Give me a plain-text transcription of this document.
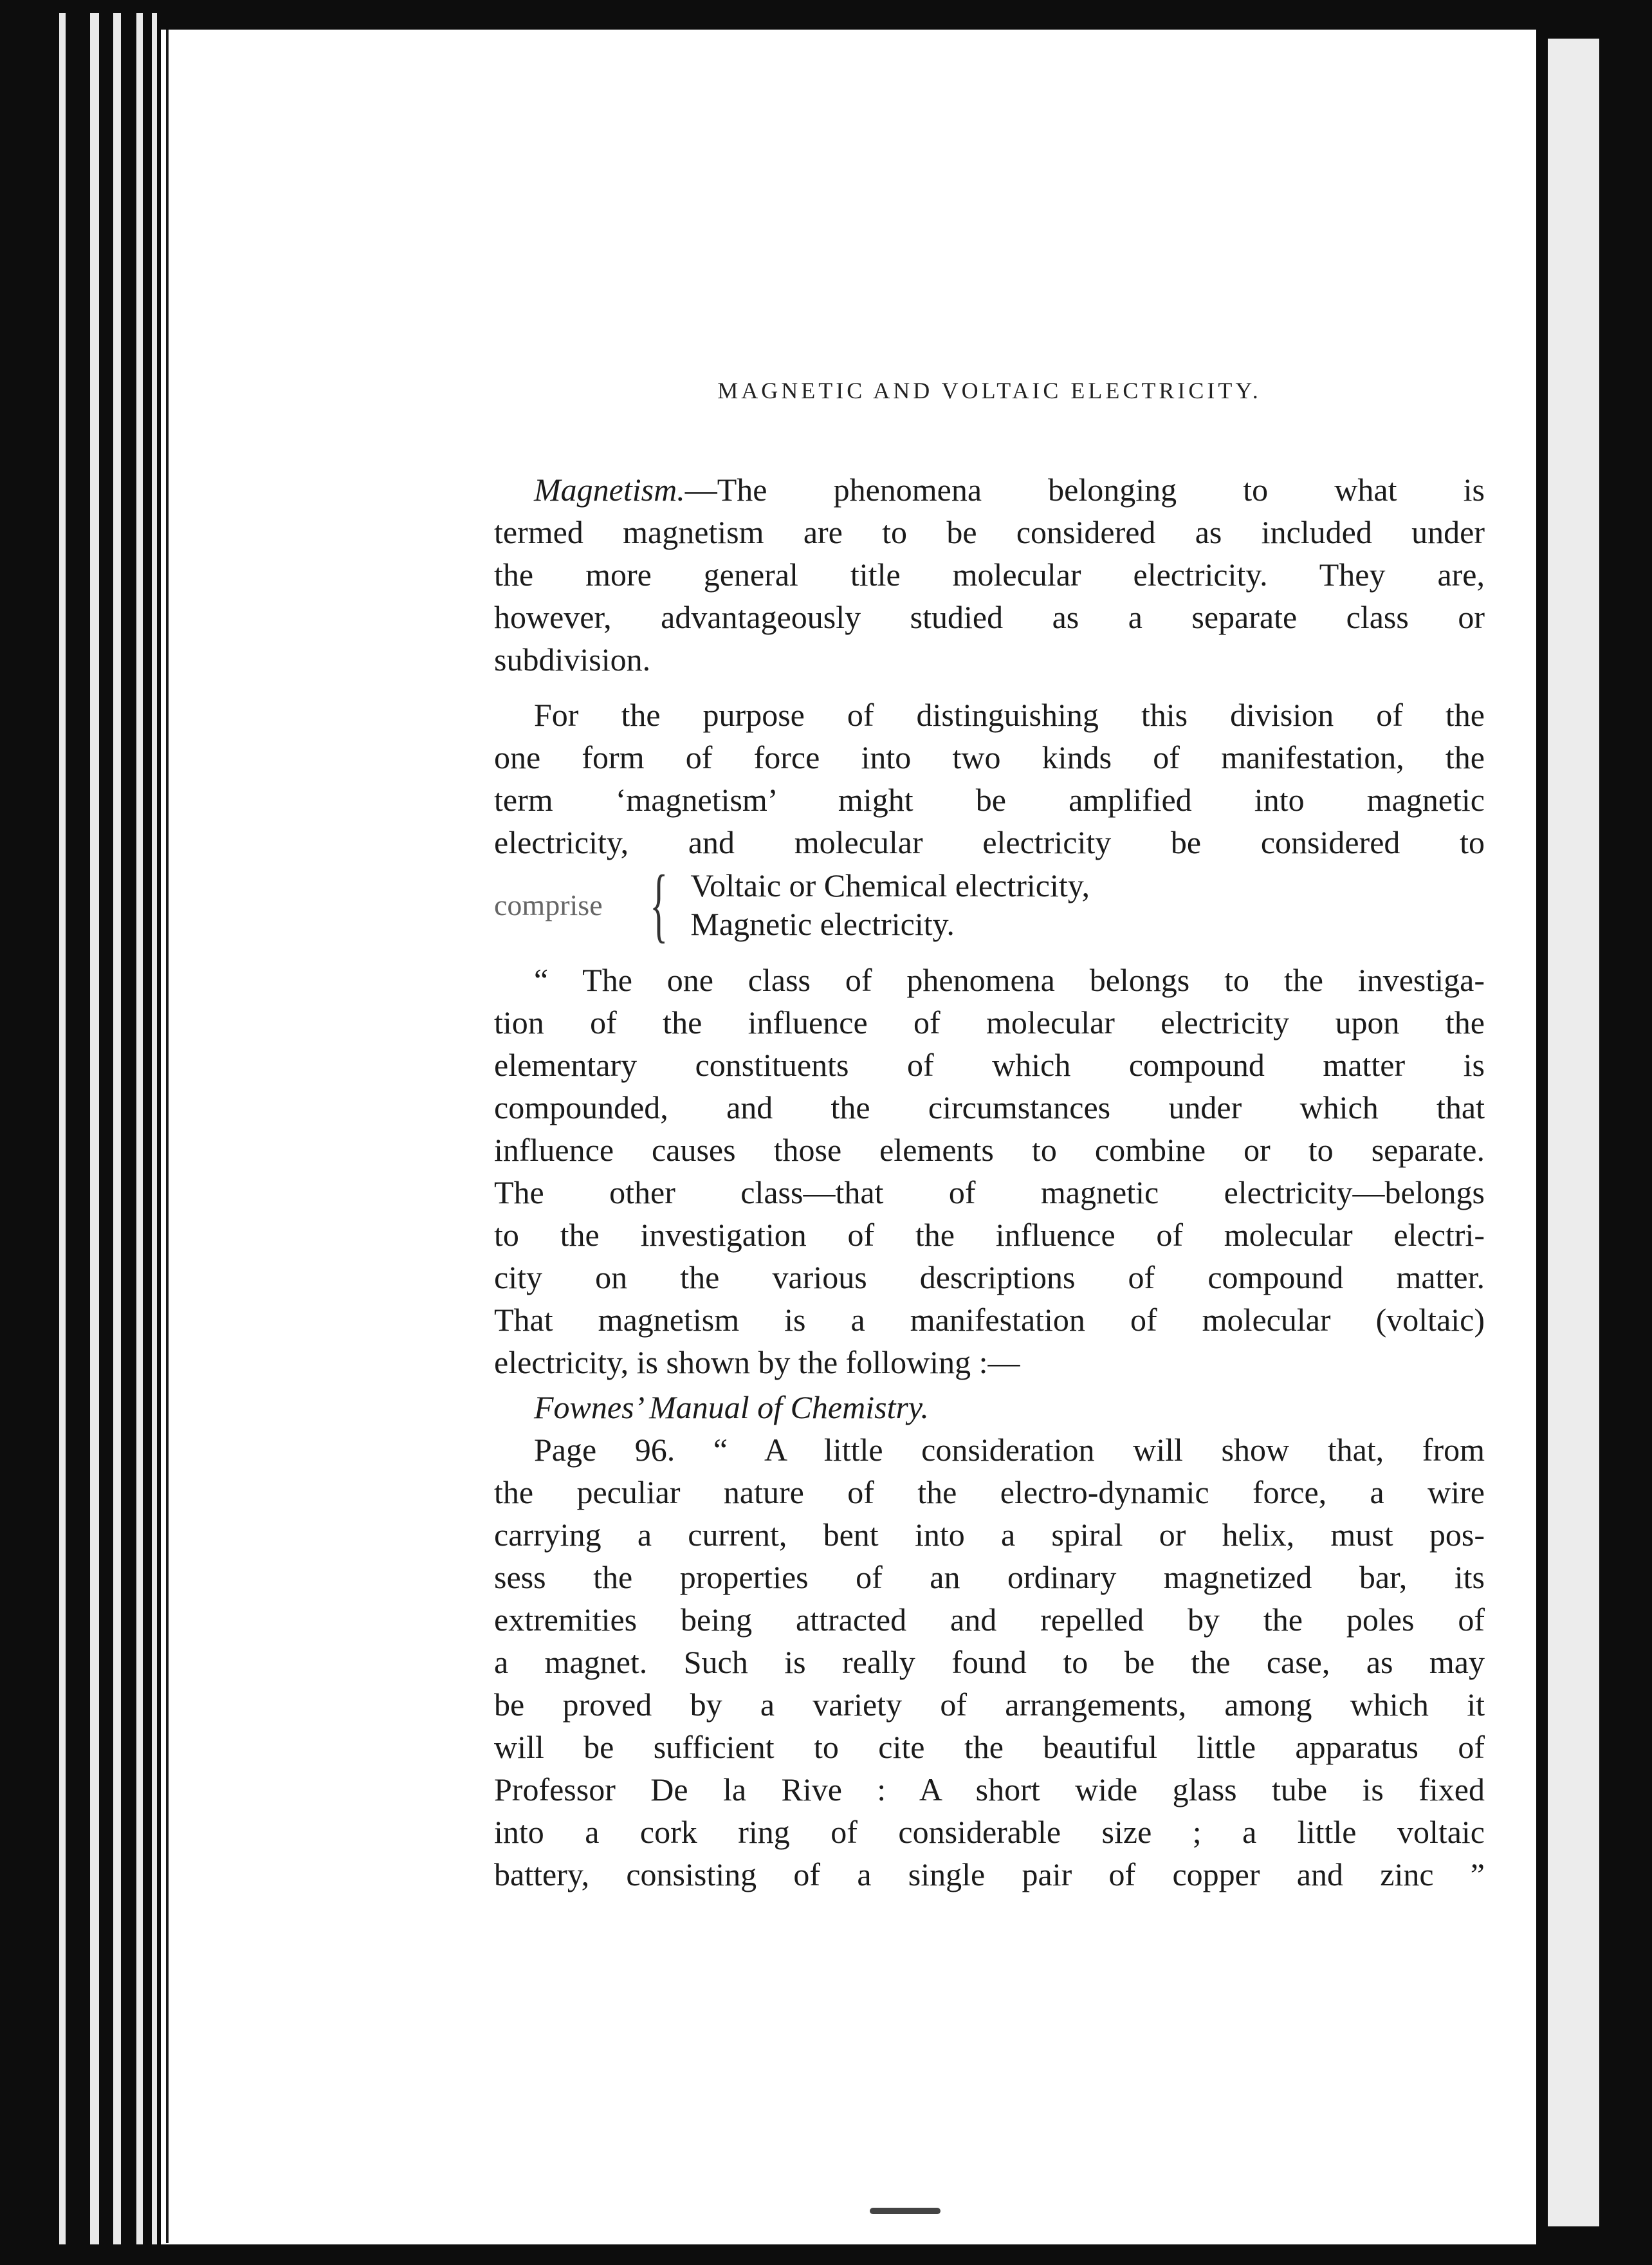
MAGNETIC AND VOLTAIC ELECTRICITY.

Magnetism.—The phenomena belonging to what is

termed magnetism are to be considered as included under

the more general title molecular electricity. They are,

however, advantageously studied as a separate class or

subdivision.

For the purpose of distinguishing this division of the

one form of force into two kinds of manifestation, the

term ‘magnetism’ might be amplified into magnetic

electricity, and molecular electricity be considered to

comprise { Voltaic or Chemical electricity,
Magnetic electricity.

“ The one class of phenomena belongs to the investiga-

tion of the influence of molecular electricity upon the

elementary constituents of which compound matter is

compounded, and the circumstances under which that

influence causes those elements to combine or to separate.

The other class—that of magnetic electricity—belongs

to the investigation of the influence of molecular electri-

city on the various descriptions of compound matter.

That magnetism is a manifestation of molecular (voltaic)

electricity, is shown by the following :—

Fownes’ Manual of Chemistry.

Page 96. “ A little consideration will show that, from

the peculiar nature of the electro-dynamic force, a wire

carrying a current, bent into a spiral or helix, must pos-

sess the properties of an ordinary magnetized bar, its

extremities being attracted and repelled by the poles of

a magnet. Such is really found to be the case, as may

be proved by a variety of arrangements, among which it

will be sufficient to cite the beautiful little apparatus of

Professor De la Rive : A short wide glass tube is fixed

into a cork ring of considerable size ; a little voltaic

battery, consisting of a single pair of copper and zinc ”
